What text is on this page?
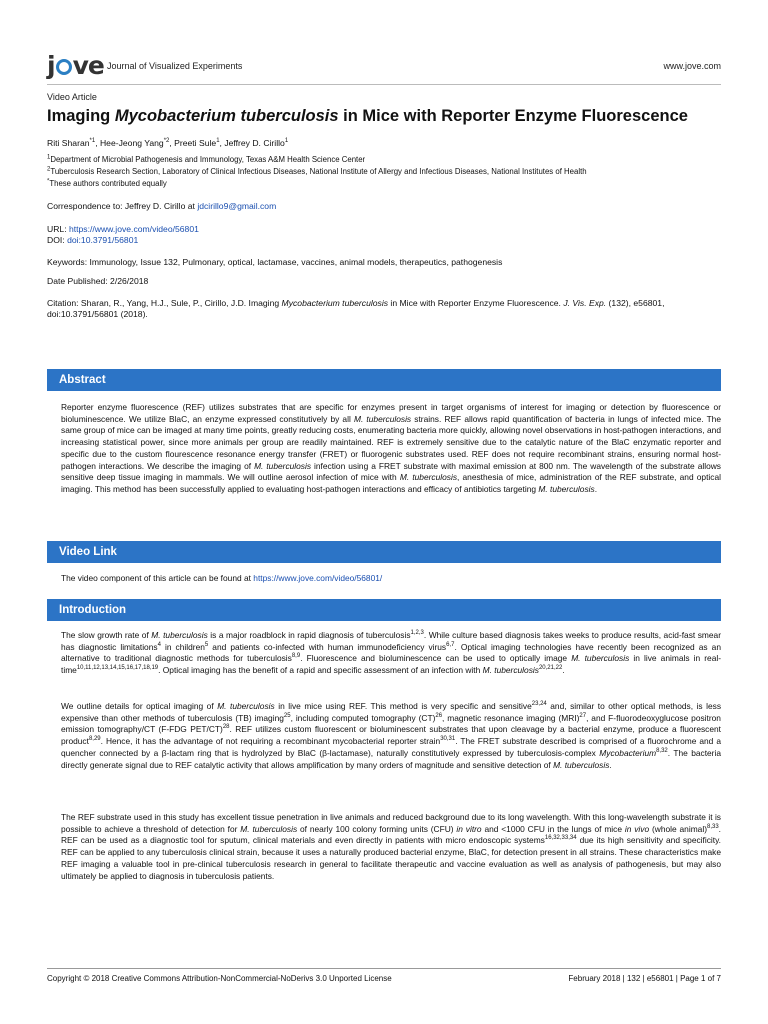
j ve Journal of Visualized Experiments	www.jove.com
Video Article
Imaging Mycobacterium tuberculosis in Mice with Reporter Enzyme Fluorescence
Riti Sharan$^{*1}$, Hee-Jeong Yang$^{*2}$, Preeti Sule$^1$, Jeffrey D. Cirillo$^1$
$^1$Department of Microbial Pathogenesis and Immunology, Texas A&M Health Science Center
$^2$Tuberculosis Research Section, Laboratory of Clinical Infectious Diseases, National Institute of Allergy and Infectious Diseases, National Institutes of Health
*These authors contributed equally
Correspondence to: Jeffrey D. Cirillo at jdcirillo9@gmail.com
URL: https://www.jove.com/video/56801
DOI: doi:10.3791/56801
Keywords: Immunology, Issue 132, Pulmonary, optical, lactamase, vaccines, animal models, therapeutics, pathogenesis
Date Published: 2/26/2018
Citation: Sharan, R., Yang, H.J., Sule, P., Cirillo, J.D. Imaging Mycobacterium tuberculosis in Mice with Reporter Enzyme Fluorescence. J. Vis. Exp. (132), e56801, doi:10.3791/56801 (2018).
Abstract
Reporter enzyme fluorescence (REF) utilizes substrates that are specific for enzymes present in target organisms of interest for imaging or detection by fluorescence or bioluminescence. We utilize BlaC, an enzyme expressed constitutively by all M. tuberculosis strains. REF allows rapid quantification of bacteria in lungs of infected mice. The same group of mice can be imaged at many time points, greatly reducing costs, enumerating bacteria more quickly, allowing novel observations in host-pathogen interactions, and increasing statistical power, since more animals per group are readily maintained. REF is extremely sensitive due to the catalytic nature of the BlaC enzymatic reporter and specific due to the custom flourescence resonance energy transfer (FRET) or fluorogenic substrates used. REF does not require recombinant strains, ensuring normal host-pathogen interactions. We describe the imaging of M. tuberculosis infection using a FRET substrate with maximal emission at 800 nm. The wavelength of the substrate allows sensitive deep tissue imaging in mammals. We will outline aerosol infection of mice with M. tuberculosis, anesthesia of mice, administration of the REF substrate, and optical imaging. This method has been successfully applied to evaluating host-pathogen interactions and efficacy of antibiotics targeting M. tuberculosis.
Video Link
The video component of this article can be found at https://www.jove.com/video/56801/
Introduction
The slow growth rate of M. tuberculosis is a major roadblock in rapid diagnosis of tuberculosis$^{1,2,3}$. While culture based diagnosis takes weeks to produce results, acid-fast smear has diagnostic limitations$^4$ in children$^5$ and patients co-infected with human immunodeficiency virus$^{6,7}$. Optical imaging technologies have recently been recognized as an alternative to traditional diagnostic methods for tuberculosis$^{8,9}$. Fluorescence and bioluminescence can be used to optically image M. tuberculosis in live animals in real-time$^{10,11,12,13,14,15,16,17,18,19}$. Optical imaging has the benefit of a rapid and specific assessment of an infection with M. tuberculosis$^{20,21,22}$.
We outline details for optical imaging of M. tuberculosis in live mice using REF. This method is very specific and sensitive$^{23,24}$ and, similar to other optical methods, is less expensive than other methods of tuberculosis (TB) imaging$^{25}$, including computed tomography (CT)$^{26}$, magnetic resonance imaging (MRI)$^{27}$, and F-fluorodeoxyglucose positron emission tomography/CT (F-FDG PET/CT)$^{28}$. REF utilizes custom fluorescent or bioluminescent substrates that upon cleavage by a bacterial enzyme, produce a fluorescent product$^{8,29}$. Hence, it has the advantage of not requiring a recombinant mycobacterial reporter strain$^{30,31}$. The FRET substrate described is comprised of a fluorochrome and a quencher connected by a β-lactam ring that is hydrolyzed by BlaC (β-lactamase), naturally constitutively expressed by tuberculosis-complex Mycobacterium$^{8,32}$. The bacteria directly generate signal due to REF catalytic activity that allows amplification by many orders of magnitude and sensitive detection of M. tuberculosis.
The REF substrate used in this study has excellent tissue penetration in live animals and reduced background due to its long wavelength. With this long-wavelength substrate it is possible to achieve a threshold of detection for M. tuberculosis of nearly 100 colony forming units (CFU) in vitro and <1000 CFU in the lungs of mice in vivo (whole animal)$^{8,33}$. REF can be used as a diagnostic tool for sputum, clinical materials and even directly in patients with micro endoscopic systems$^{16,32,33,34}$ due its high sensitivity and specificity. REF can be applied to any tuberculosis clinical strain, because it uses a naturally produced bacterial enzyme, BlaC, for detection present in all strains. These characteristics make REF imaging a valuable tool in pre-clinical tuberculosis research in general to facilitate therapeutic and vaccine evaluation as well as analysis of pathogenesis, but may also ultimately be applied to diagnosis in tuberculosis patients.
Copyright © 2018 Creative Commons Attribution-NonCommercial-NoDerivs 3.0 Unported License	February 2018 | 132 | e56801 | Page 1 of 7
